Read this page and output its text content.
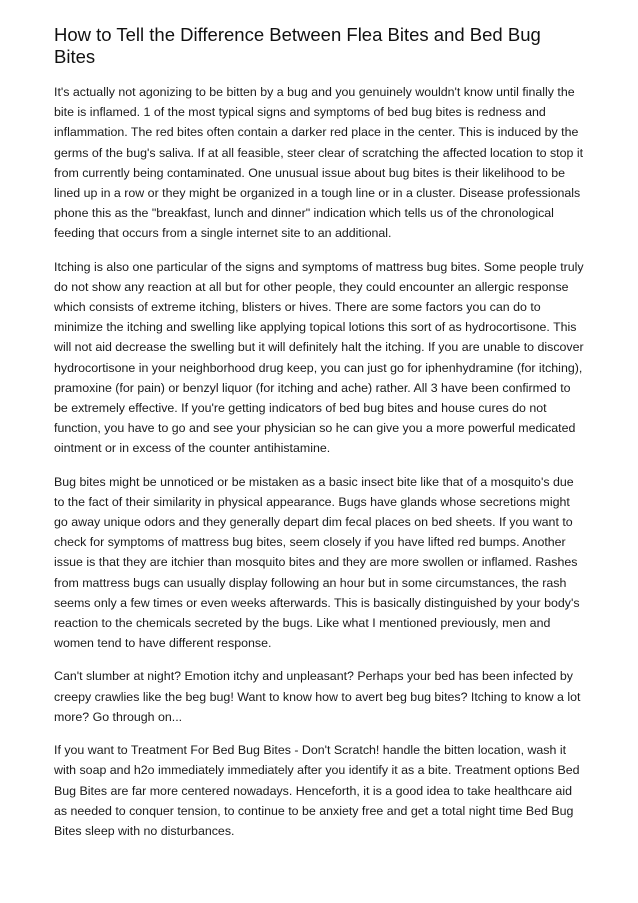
How to Tell the Difference Between Flea Bites and Bed Bug Bites

It's actually not agonizing to be bitten by a bug and you genuinely wouldn't know until finally the bite is inflamed. 1 of the most typical signs and symptoms of bed bug bites is redness and inflammation. The red bites often contain a darker red place in the center. This is induced by the germs of the bug's saliva. If at all feasible, steer clear of scratching the affected location to stop it from currently being contaminated. One unusual issue about bug bites is their likelihood to be lined up in a row or they might be organized in a tough line or in a cluster. Disease professionals phone this as the "breakfast, lunch and dinner" indication which tells us of the chronological feeding that occurs from a single internet site to an additional.

Itching is also one particular of the signs and symptoms of mattress bug bites. Some people truly do not show any reaction at all but for other people, they could encounter an allergic response which consists of extreme itching, blisters or hives. There are some factors you can do to minimize the itching and swelling like applying topical lotions this sort of as hydrocortisone. This will not aid decrease the swelling but it will definitely halt the itching. If you are unable to discover hydrocortisone in your neighborhood drug keep, you can just go for iphenhydramine (for itching), pramoxine (for pain) or benzyl liquor (for itching and ache) rather. All 3 have been confirmed to be extremely effective. If you're getting indicators of bed bug bites and house cures do not function, you have to go and see your physician so he can give you a more powerful medicated ointment or in excess of the counter antihistamine.

Bug bites might be unnoticed or be mistaken as a basic insect bite like that of a mosquito's due to the fact of their similarity in physical appearance. Bugs have glands whose secretions might go away unique odors and they generally depart dim fecal places on bed sheets. If you want to check for symptoms of mattress bug bites, seem closely if you have lifted red bumps. Another issue is that they are itchier than mosquito bites and they are more swollen or inflamed. Rashes from mattress bugs can usually display following an hour but in some circumstances, the rash seems only a few times or even weeks afterwards. This is basically distinguished by your body's reaction to the chemicals secreted by the bugs. Like what I mentioned previously, men and women tend to have different response.

Can't slumber at night? Emotion itchy and unpleasant? Perhaps your bed has been infected by creepy crawlies like the beg bug! Want to know how to avert beg bug bites? Itching to know a lot more? Go through on...

If you want to Treatment For Bed Bug Bites - Don't Scratch! handle the bitten location, wash it with soap and h2o immediately immediately after you identify it as a bite. Treatment options Bed Bug Bites are far more centered nowadays. Henceforth, it is a good idea to take healthcare aid as needed to conquer tension, to continue to be anxiety free and get a total night time Bed Bug Bites sleep with no disturbances.
